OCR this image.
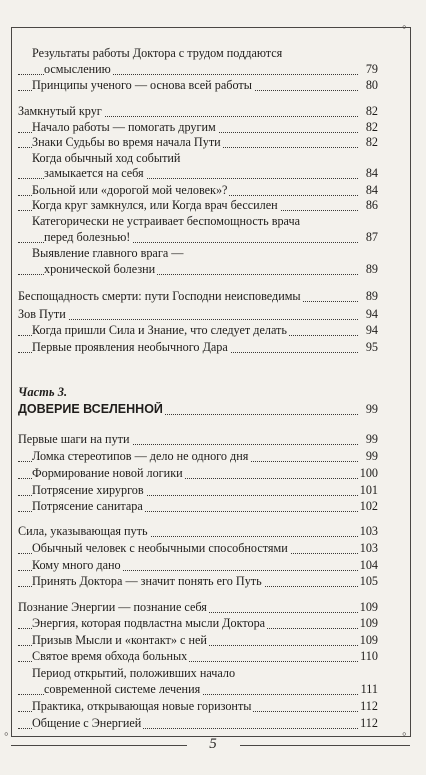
◦
◦	◦
Результаты работы Доктора с трудом поддаются
осмыслению	79
Принципы ученого — основа всей работы	80
Замкнутый круг	82
Начало работы — помогать другим	82
Знаки Судьбы во время начала Пути	82
Когда обычный ход событий
замыкается на себя	84
Больной или «дорогой мой человек»?	84
Когда круг замкнулся, или Когда врач бессилен	86
Категорически не устраивает беспомощность врача
перед болезнью!	87
Выявление главного врага —
хронической болезни	89
Беспощадность смерти: пути Господни неисповедимы	89
Зов Пути	94
Когда пришли Сила и Знание, что следует делать	94
Первые проявления необычного Дара	95
Часть 3.
ДОВЕРИЕ ВСЕЛЕННОЙ	99
Первые шаги на пути	99
Ломка стереотипов — дело не одного дня	99
Формирование новой логики	100
Потрясение хирургов	101
Потрясение санитара	102
Сила, указывающая путь	103
Обычный человек с необычными способностями	103
Кому много дано	104
Принять Доктора — значит понять его Путь	105
Познание Энергии — познание себя	109
Энергия, которая подвластна мысли Доктора	109
Призыв Мысли и «контакт» с ней	109
Святое время обхода больных	110
Период открытий, положивших начало
современной системе лечения	111
Практика, открывающая новые горизонты	112
Общение с Энергией	112
5
